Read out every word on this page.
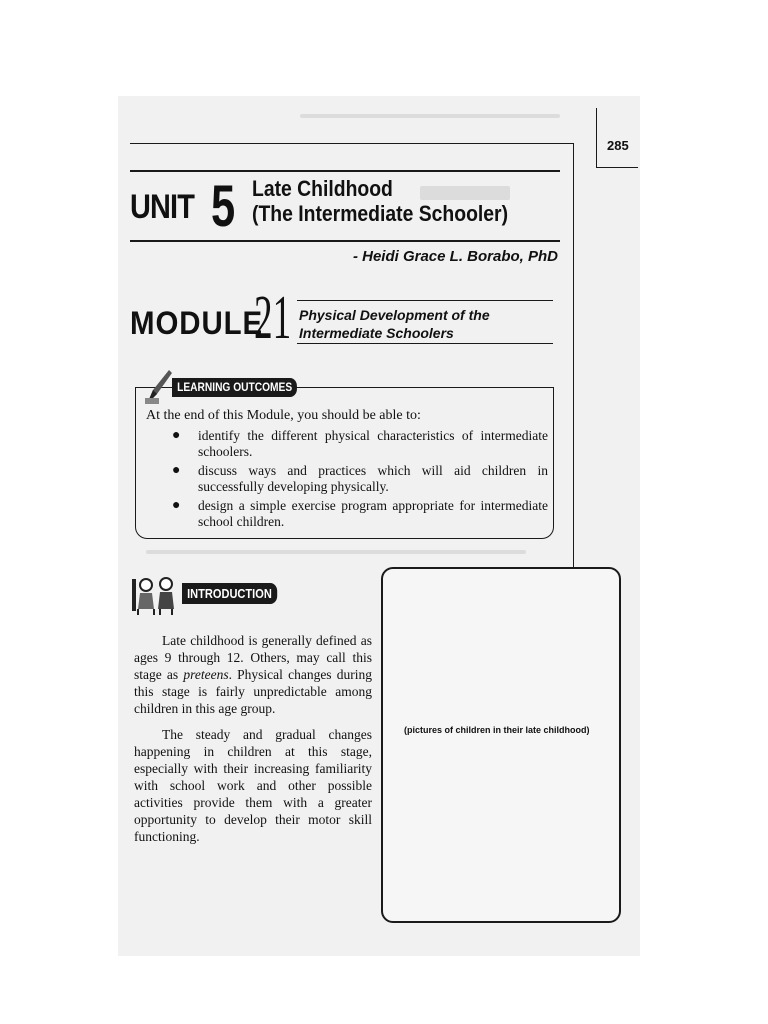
285
UNIT 5 Late Childhood
(The Intermediate Schooler)
- Heidi Grace L. Borabo, PhD
MODULE
21 Physical Development of the
Intermediate Schoolers
LEARNING OUTCOMES
At the end of this Module, you should be able to:
● identify the different physical characteristics of intermediate schoolers.
● discuss ways and practices which will aid children in successfully developing physically.
● design a simple exercise program appropriate for intermediate school children.
INTRODUCTION

Late childhood is generally defined as ages 9 through 12. Others, may call this stage as preteens. Physical changes during this stage is fairly unpredictable among children in this age group.

The steady and gradual changes happening in children at this stage, especially with their increasing familiarity with school work and other possible activities provide them with a greater opportunity to develop their motor skill functioning.

(pictures of children in their late childhood)
